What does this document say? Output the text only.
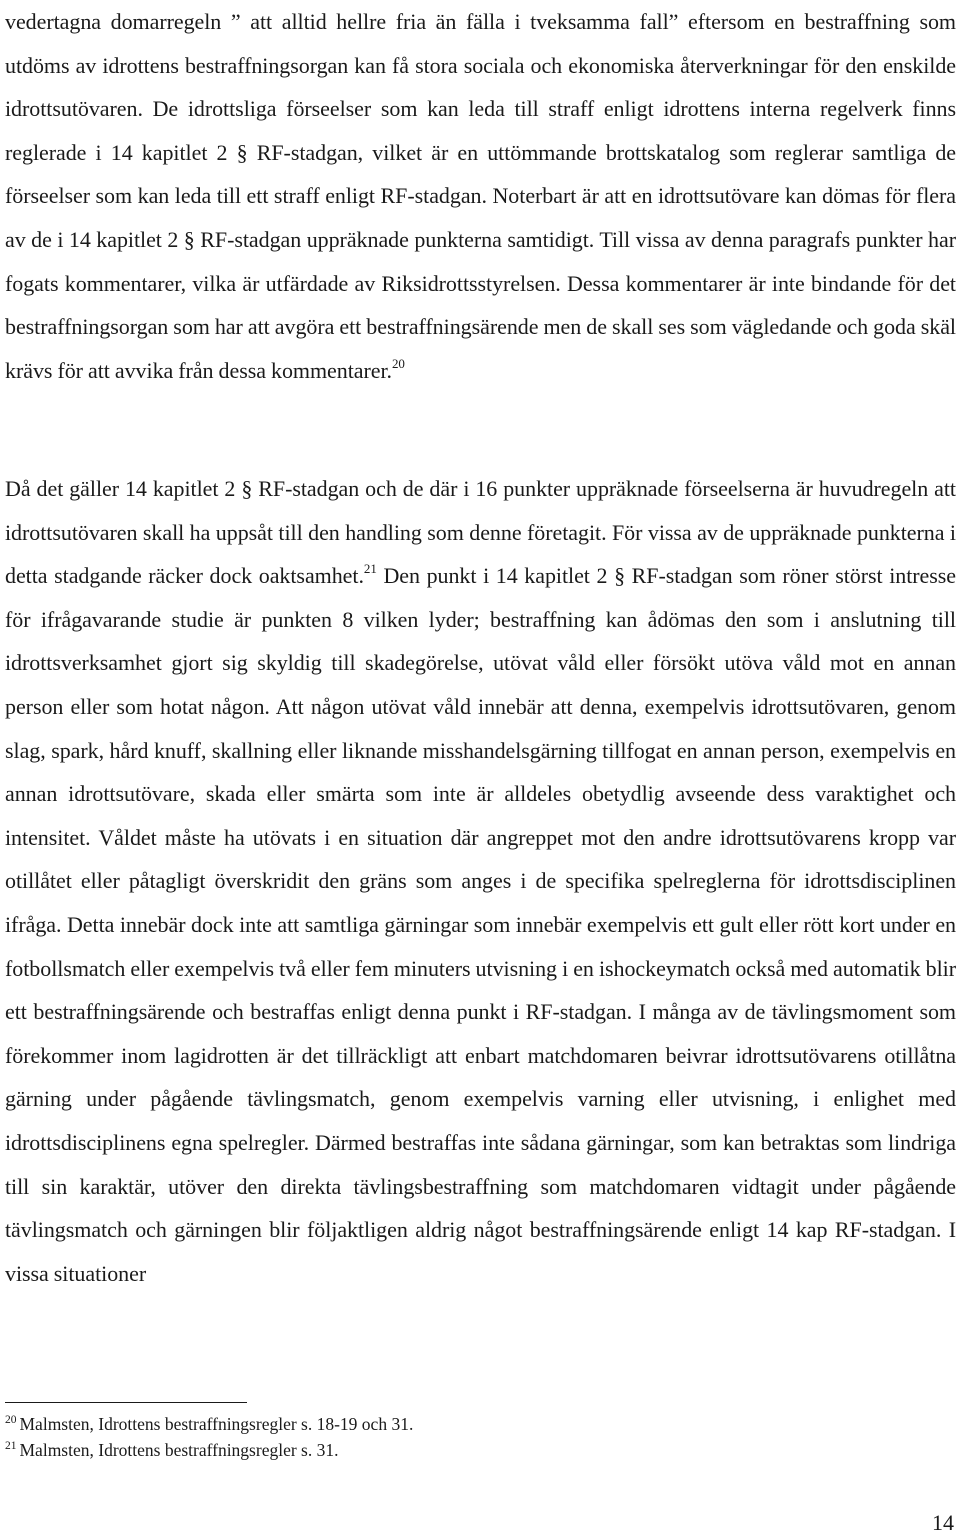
vedertagna domarregeln ” att alltid hellre fria än fälla i tveksamma fall” eftersom en bestraffning som utdöms av idrottens bestraffningsorgan kan få stora sociala och ekonomiska återverkningar för den enskilde idrottsutövaren. De idrottsliga förseelser som kan leda till straff enligt idrottens interna regelverk finns reglerade i 14 kapitlet 2 § RF-stadgan, vilket är en uttömmande brottskatalog som reglerar samtliga de förseelser som kan leda till ett straff enligt RF-stadgan. Noterbart är att en idrottsutövare kan dömas för flera av de i 14 kapitlet 2 § RF-stadgan uppräknade punkterna samtidigt. Till vissa av denna paragrafs punkter har fogats kommentarer, vilka är utfärdade av Riksidrottsstyrelsen. Dessa kommentarer är inte bindande för det bestraffningsorgan som har att avgöra ett bestraffningsärende men de skall ses som vägledande och goda skäl krävs för att avvika från dessa kommentarer.$^{20}$

Då det gäller 14 kapitlet 2 § RF-stadgan och de där i 16 punkter uppräknade förseelserna är huvudregeln att idrottsutövaren skall ha uppsåt till den handling som denne företagit. För vissa av de uppräknade punkterna i detta stadgande räcker dock oaktsamhet.$^{21}$ Den punkt i 14 kapitlet 2 § RF-stadgan som röner störst intresse för ifrågavarande studie är punkten 8 vilken lyder; bestraffning kan ådömas den som i anslutning till idrottsverksamhet gjort sig skyldig till skadegörelse, utövat våld eller försökt utöva våld mot en annan person eller som hotat någon. Att någon utövat våld innebär att denna, exempelvis idrottsutövaren, genom slag, spark, hård knuff, skallning eller liknande misshandelsgärning tillfogat en annan person, exempelvis en annan idrottsutövare, skada eller smärta som inte är alldeles obetydlig avseende dess varaktighet och intensitet. Våldet måste ha utövats i en situation där angreppet mot den andre idrottsutövarens kropp var otillåtet eller påtagligt överskridit den gräns som anges i de specifika spelreglerna för idrottsdisciplinen ifråga. Detta innebär dock inte att samtliga gärningar som innebär exempelvis ett gult eller rött kort under en fotbollsmatch eller exempelvis två eller fem minuters utvisning i en ishockeymatch också med automatik blir ett bestraffningsärende och bestraffas enligt denna punkt i RF-stadgan. I många av de tävlingsmoment som förekommer inom lagidrotten är det tillräckligt att enbart matchdomaren beivrar idrottsutövarens otillåtna gärning under pågående tävlingsmatch, genom exempelvis varning eller utvisning, i enlighet med idrottsdisciplinens egna spelregler. Därmed bestraffas inte sådana gärningar, som kan betraktas som lindriga till sin karaktär, utöver den direkta tävlingsbestraffning som matchdomaren vidtagit under pågående tävlingsmatch och gärningen blir följaktligen aldrig något bestraffningsärende enligt 14 kap RF-stadgan. I vissa situationer

$^{20}$ Malmsten, Idrottens bestraffningsregler s. 18-19 och 31.
$^{21}$ Malmsten, Idrottens bestraffningsregler s. 31.
14
